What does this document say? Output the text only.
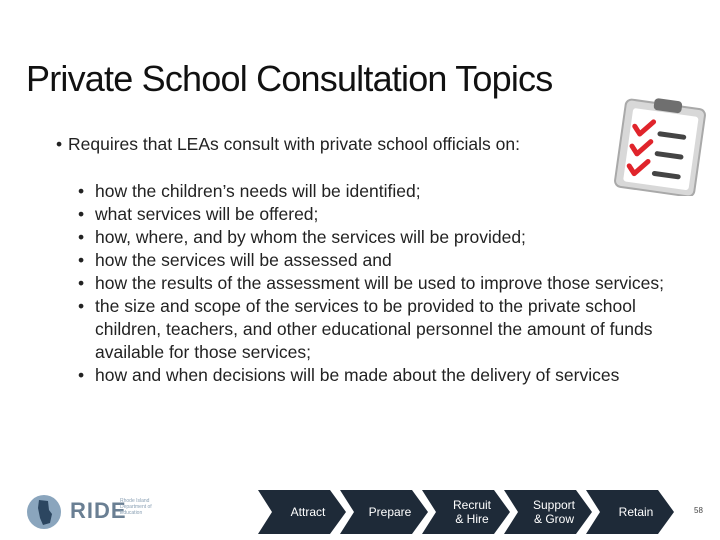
Private School Consultation Topics
• Requires that LEAs consult with private school officials on:
• how the children’s needs will be identified;
• what services will be offered;
• how, where, and by whom the services will be provided;
• how the services will be assessed and
• how the results of the assessment will be used to improve those services;
• the size and scope of the services to be provided to the private school children, teachers, and other educational personnel the amount of funds available for those services;
• how and when decisions will be made about the delivery of services
RIDE
Rhode Island Department of Education	Attract	Prepare	Recruit
& Hire
Support
& Grow	Retain	58
